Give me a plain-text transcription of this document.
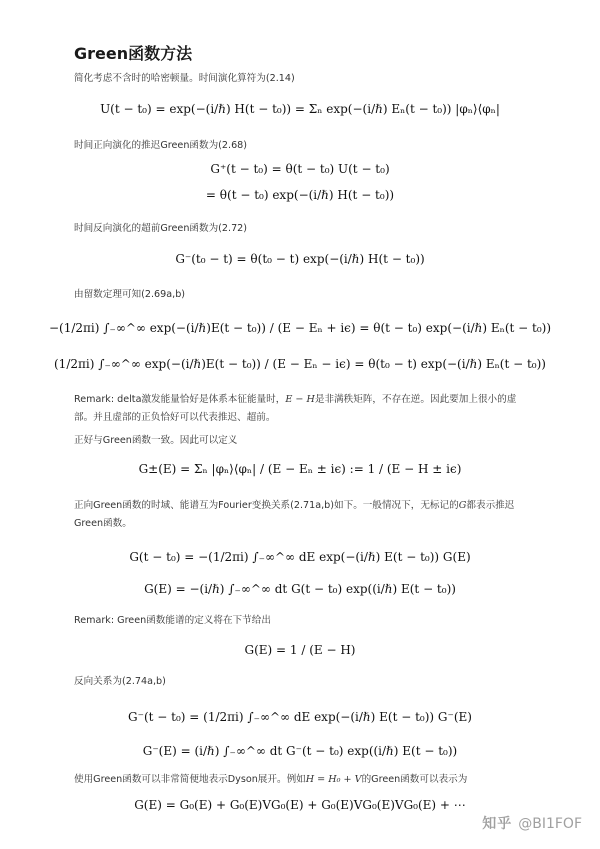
Green函数方法

简化考虑不含时的哈密顿量。时间演化算符为(2.14)

U(t − t₀) = exp(−(i/ℏ) H(t − t₀)) = Σₙ exp(−(i/ℏ) Eₙ(t − t₀)) |φₙ⟩⟨φₙ|

时间正向演化的推迟Green函数为(2.68)

G⁺(t − t₀) = θ(t − t₀) U(t − t₀)
= θ(t − t₀) exp(−(i/ℏ) H(t − t₀))

时间反向演化的超前Green函数为(2.72)

G⁻(t₀ − t) = θ(t₀ − t) exp(−(i/ℏ) H(t − t₀))

由留数定理可知(2.69a,b)

−(1/2πi) ∫₋∞^∞ exp(−(i/ℏ)E(t − t₀)) / (E − Eₙ + iϵ) = θ(t − t₀) exp(−(i/ℏ) Eₙ(t − t₀))
(1/2πi) ∫₋∞^∞ exp(−(i/ℏ)E(t − t₀)) / (E − Eₙ − iϵ) = θ(t₀ − t) exp(−(i/ℏ) Eₙ(t − t₀))

Remark: delta激发能量恰好是体系本征能量时，E − H是非满秩矩阵，不存在逆。因此要加上很小的虚部。并且虚部的正负恰好可以代表推迟、超前。

正好与Green函数一致。因此可以定义

G±(E) = Σₙ |φₙ⟩⟨φₙ| / (E − Eₙ ± iϵ) := 1 / (E − H ± iϵ)

正向Green函数的时域、能谱互为Fourier变换关系(2.71a,b)如下。一般情况下，无标记的G都表示推迟Green函数。

G(t − t₀) = −(1/2πi) ∫₋∞^∞ dE exp(−(i/ℏ) E(t − t₀)) G(E)
G(E) = −(i/ℏ) ∫₋∞^∞ dt G(t − t₀) exp((i/ℏ) E(t − t₀))

Remark: Green函数能谱的定义将在下节给出

G(E) = 1 / (E − H)

反向关系为(2.74a,b)

G⁻(t − t₀) = (1/2πi) ∫₋∞^∞ dE exp(−(i/ℏ) E(t − t₀)) G⁻(E)
G⁻(E) = (i/ℏ) ∫₋∞^∞ dt G⁻(t − t₀) exp((i/ℏ) E(t − t₀))

使用Green函数可以非常简便地表示Dyson展开。例如H = H₀ + V的Green函数可以表示为

G(E) = G₀(E) + G₀(E)VG₀(E) + G₀(E)VG₀(E)VG₀(E) + ⋯
知乎 @BI1FOF
